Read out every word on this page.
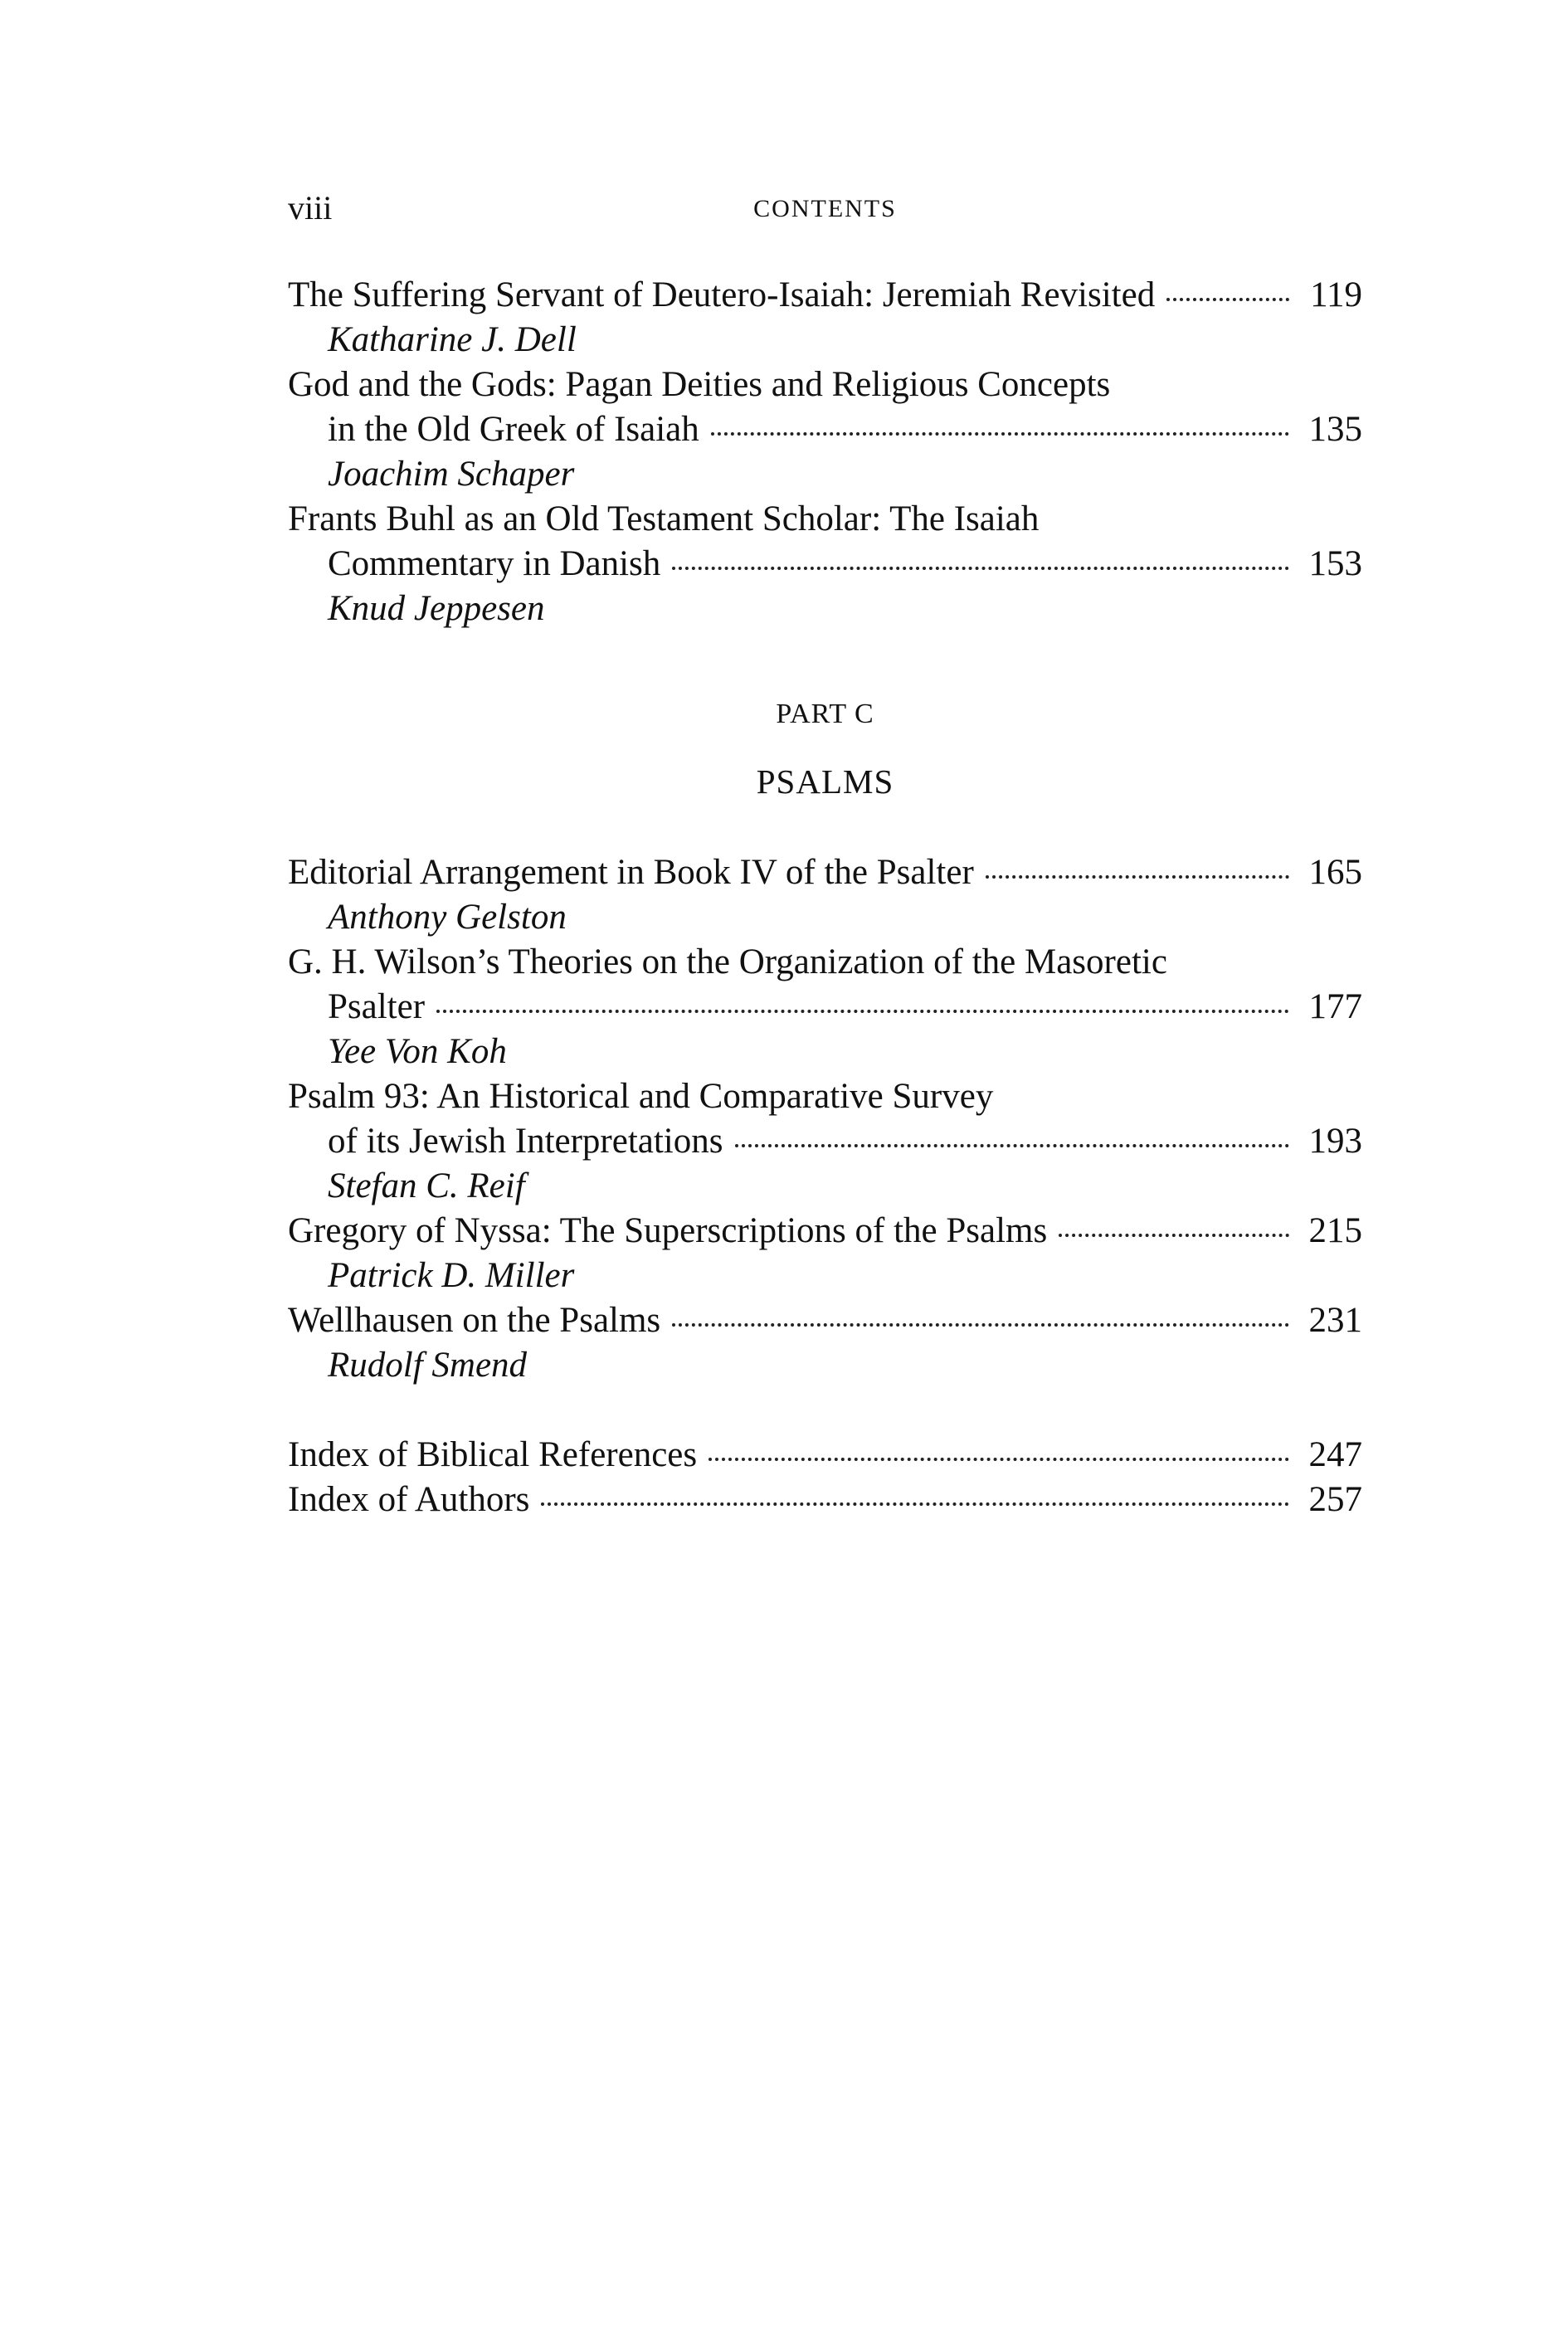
viii	CONTENTS
The Suffering Servant of Deutero-Isaiah: Jeremiah Revisited	119
Katharine J. Dell
God and the Gods: Pagan Deities and Religious Concepts
in the Old Greek of Isaiah	135
Joachim Schaper
Frants Buhl as an Old Testament Scholar: The Isaiah
Commentary in Danish	153
Knud Jeppesen
PART C
PSALMS
Editorial Arrangement in Book IV of the Psalter	165
Anthony Gelston
G. H. Wilson’s Theories on the Organization of the Masoretic
Psalter	177
Yee Von Koh
Psalm 93: An Historical and Comparative Survey
of its Jewish Interpretations	193
Stefan C. Reif
Gregory of Nyssa: The Superscriptions of the Psalms	215
Patrick D. Miller
Wellhausen on the Psalms	231
Rudolf Smend
Index of Biblical References	247
Index of Authors	257
